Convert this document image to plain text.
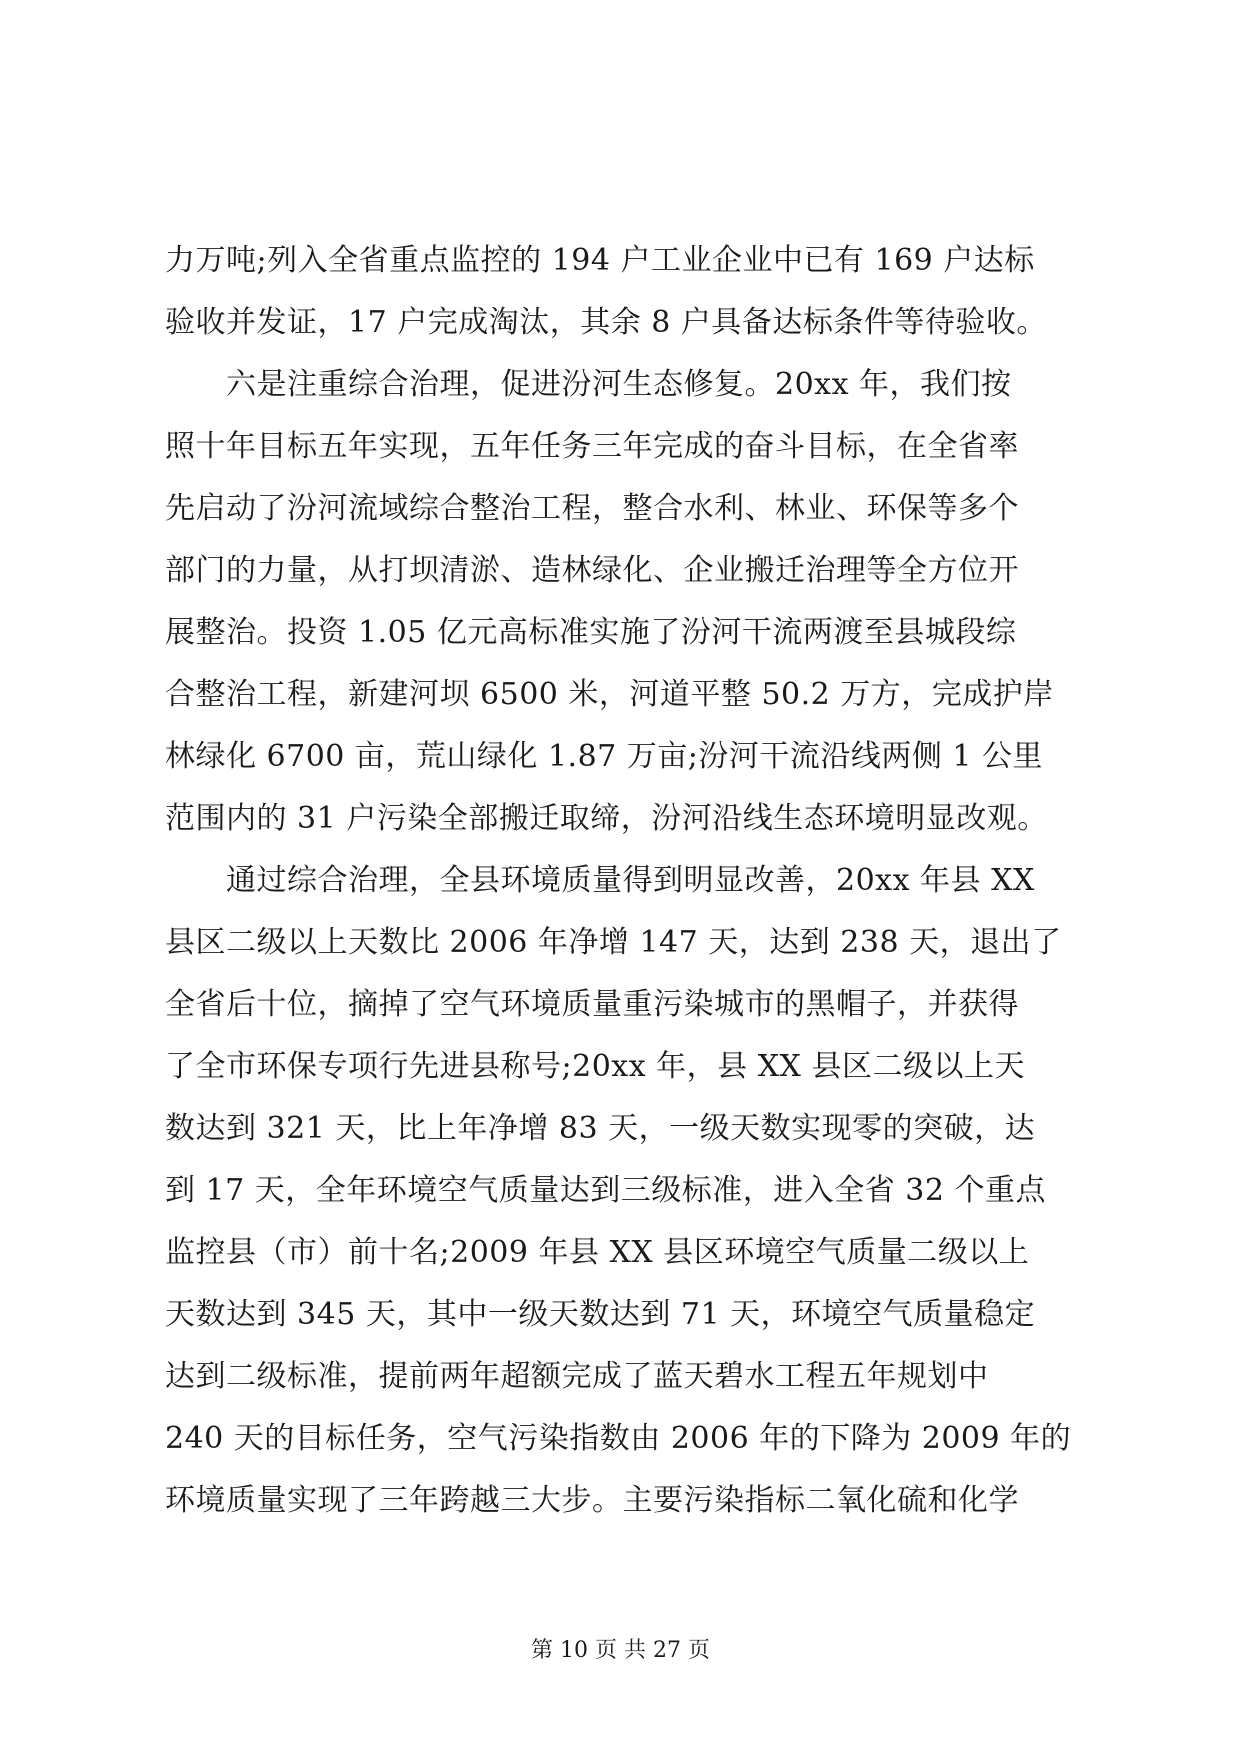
力万吨;列入全省重点监控的 194 户工业企业中已有 169 户达标
验收并发证，17 户完成淘汰，其余 8 户具备达标条件等待验收。
　　六是注重综合治理，促进汾河生态修复。20xx 年，我们按
照十年目标五年实现，五年任务三年完成的奋斗目标，在全省率
先启动了汾河流域综合整治工程，整合水利、林业、环保等多个
部门的力量，从打坝清淤、造林绿化、企业搬迁治理等全方位开
展整治。投资 1.05 亿元高标准实施了汾河干流两渡至县城段综
合整治工程，新建河坝 6500 米，河道平整 50.2 万方，完成护岸
林绿化 6700 亩，荒山绿化 1.87 万亩;汾河干流沿线两侧 1 公里
范围内的 31 户污染全部搬迁取缔，汾河沿线生态环境明显改观。
　　通过综合治理，全县环境质量得到明显改善，20xx 年县 XX
县区二级以上天数比 2006 年净增 147 天，达到 238 天，退出了
全省后十位，摘掉了空气环境质量重污染城市的黑帽子，并获得
了全市环保专项行先进县称号;20xx 年，县 XX 县区二级以上天
数达到 321 天，比上年净增 83 天，一级天数实现零的突破，达
到 17 天，全年环境空气质量达到三级标准，进入全省 32 个重点
监控县（市）前十名;2009 年县 XX 县区环境空气质量二级以上
天数达到 345 天，其中一级天数达到 71 天，环境空气质量稳定
达到二级标准，提前两年超额完成了蓝天碧水工程五年规划中
240 天的目标任务，空气污染指数由 2006 年的下降为 2009 年的
环境质量实现了三年跨越三大步。主要污染指标二氧化硫和化学
第 10 页 共 27 页
